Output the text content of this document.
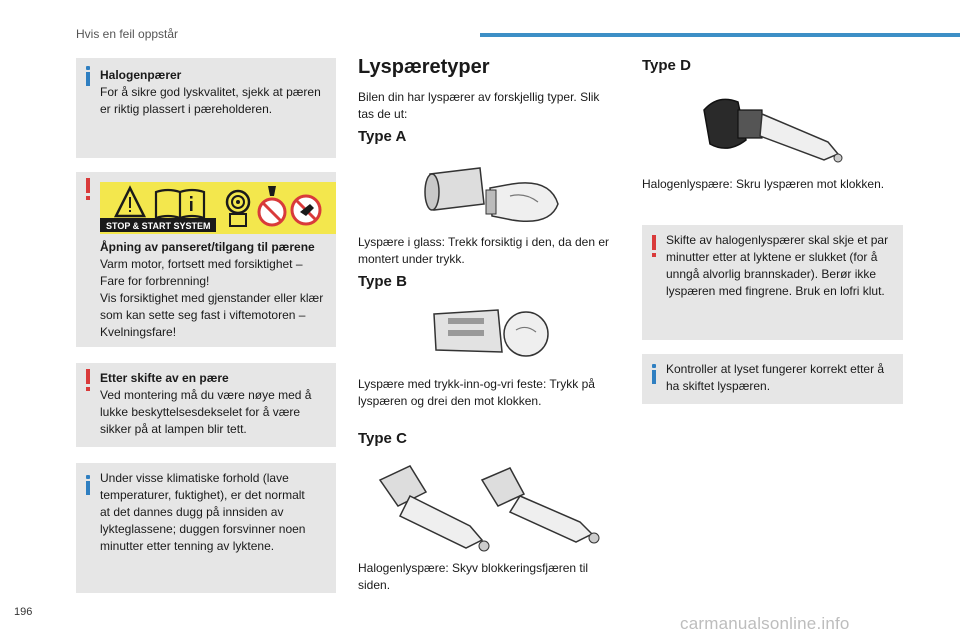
Hvis en feil oppstår

Halogenpærer

For å sikre god lyskvalitet, sjekk at pæren
er riktig plassert i pæreholderen.

STOP & START SYSTEM

Åpning av panseret/tilgang til pærene

Varm motor, fortsett med forsiktighet –
Fare for forbrenning!
Vis forsiktighet med gjenstander eller klær
som kan sette seg fast i viftemotoren –
Kvelningsfare!

Etter skifte av en pære

Ved montering må du være nøye med å
lukke beskyttelsesdekselet for å være
sikker på at lampen blir tett.

Under visse klimatiske forhold (lave
temperaturer, fuktighet), er det normalt
at det dannes dugg på innsiden av
lykteglassene; duggen forsvinner noen
minutter etter tenning av lyktene.

Lyspæretyper
Bilen din har lyspærer av forskjellig typer. Slik
tas de ut:
Type A
Lyspære i glass: Trekk forsiktig i den, da den er
montert under trykk.
Type B
Lyspære med trykk-inn-og-vri feste: Trykk på
lyspæren og drei den mot klokken.
Type C
Halogenlyspære: Skyv blokkeringsfjæren til
siden.
Type D
Halogenlyspære: Skru lyspæren mot klokken.

Skifte av halogenlyspærer skal skje et par
minutter etter at lyktene er slukket (for å
unngå alvorlig brannskader). Berør ikke
lyspæren med fingrene. Bruk en lofri klut.

Kontroller at lyset fungerer korrekt etter å
ha skiftet lyspæren.

196
carmanualsonline.info
